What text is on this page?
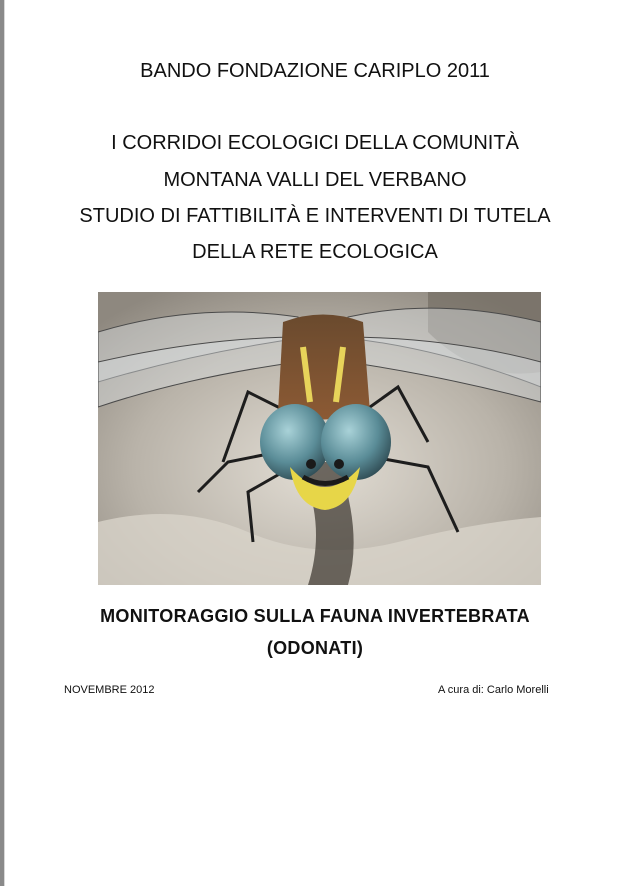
BANDO FONDAZIONE CARIPLO 2011
I CORRIDOI ECOLOGICI DELLA COMUNITÀ
MONTANA VALLI DEL VERBANO
STUDIO DI FATTIBILITÀ E INTERVENTI DI TUTELA
DELLA RETE ECOLOGICA
MONITORAGGIO SULLA FAUNA INVERTEBRATA
(ODONATI)
NOVEMBRE 2012	A cura di: Carlo Morelli
